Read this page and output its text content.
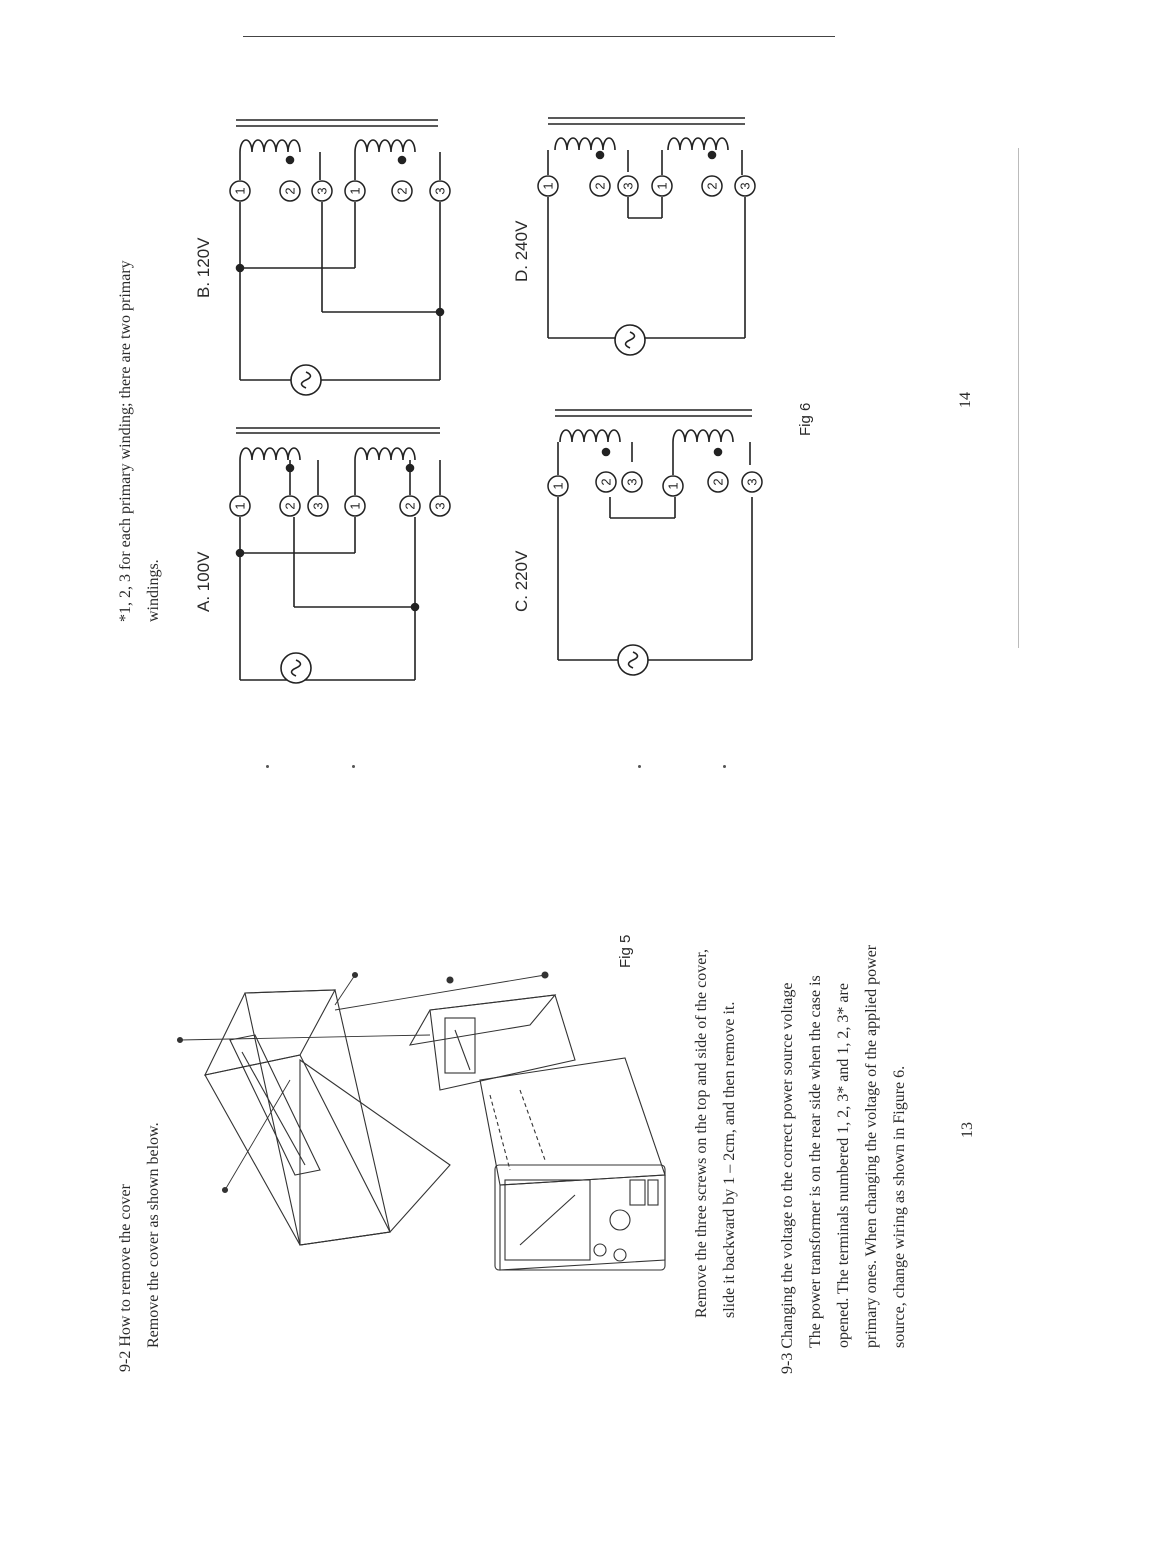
9-2 How to remove the cover Remove the cover as shown below.
Fig 5	Remove the three screws on the top and side of the cover, slide it backward by 1 – 2cm, and then remove it.	9-3 Changing the voltage to the correct power source voltage The power transformer is on the rear side when the case is opened. The terminals numbered 1, 2, 3* and 1, 2, 3* are primary ones. When changing the voltage of the applied power source, change wiring as shown in Figure 6.	13
*1, 2, 3 for each primary winding; there are two primary windings.	A. 100V
B. 120V
C. 220V
D. 240V
Fig 6
14
1	2 3 1	2 3
1	2 3 1 2 3
1
2 3
1
2 3
1	2 3 1	2 3
